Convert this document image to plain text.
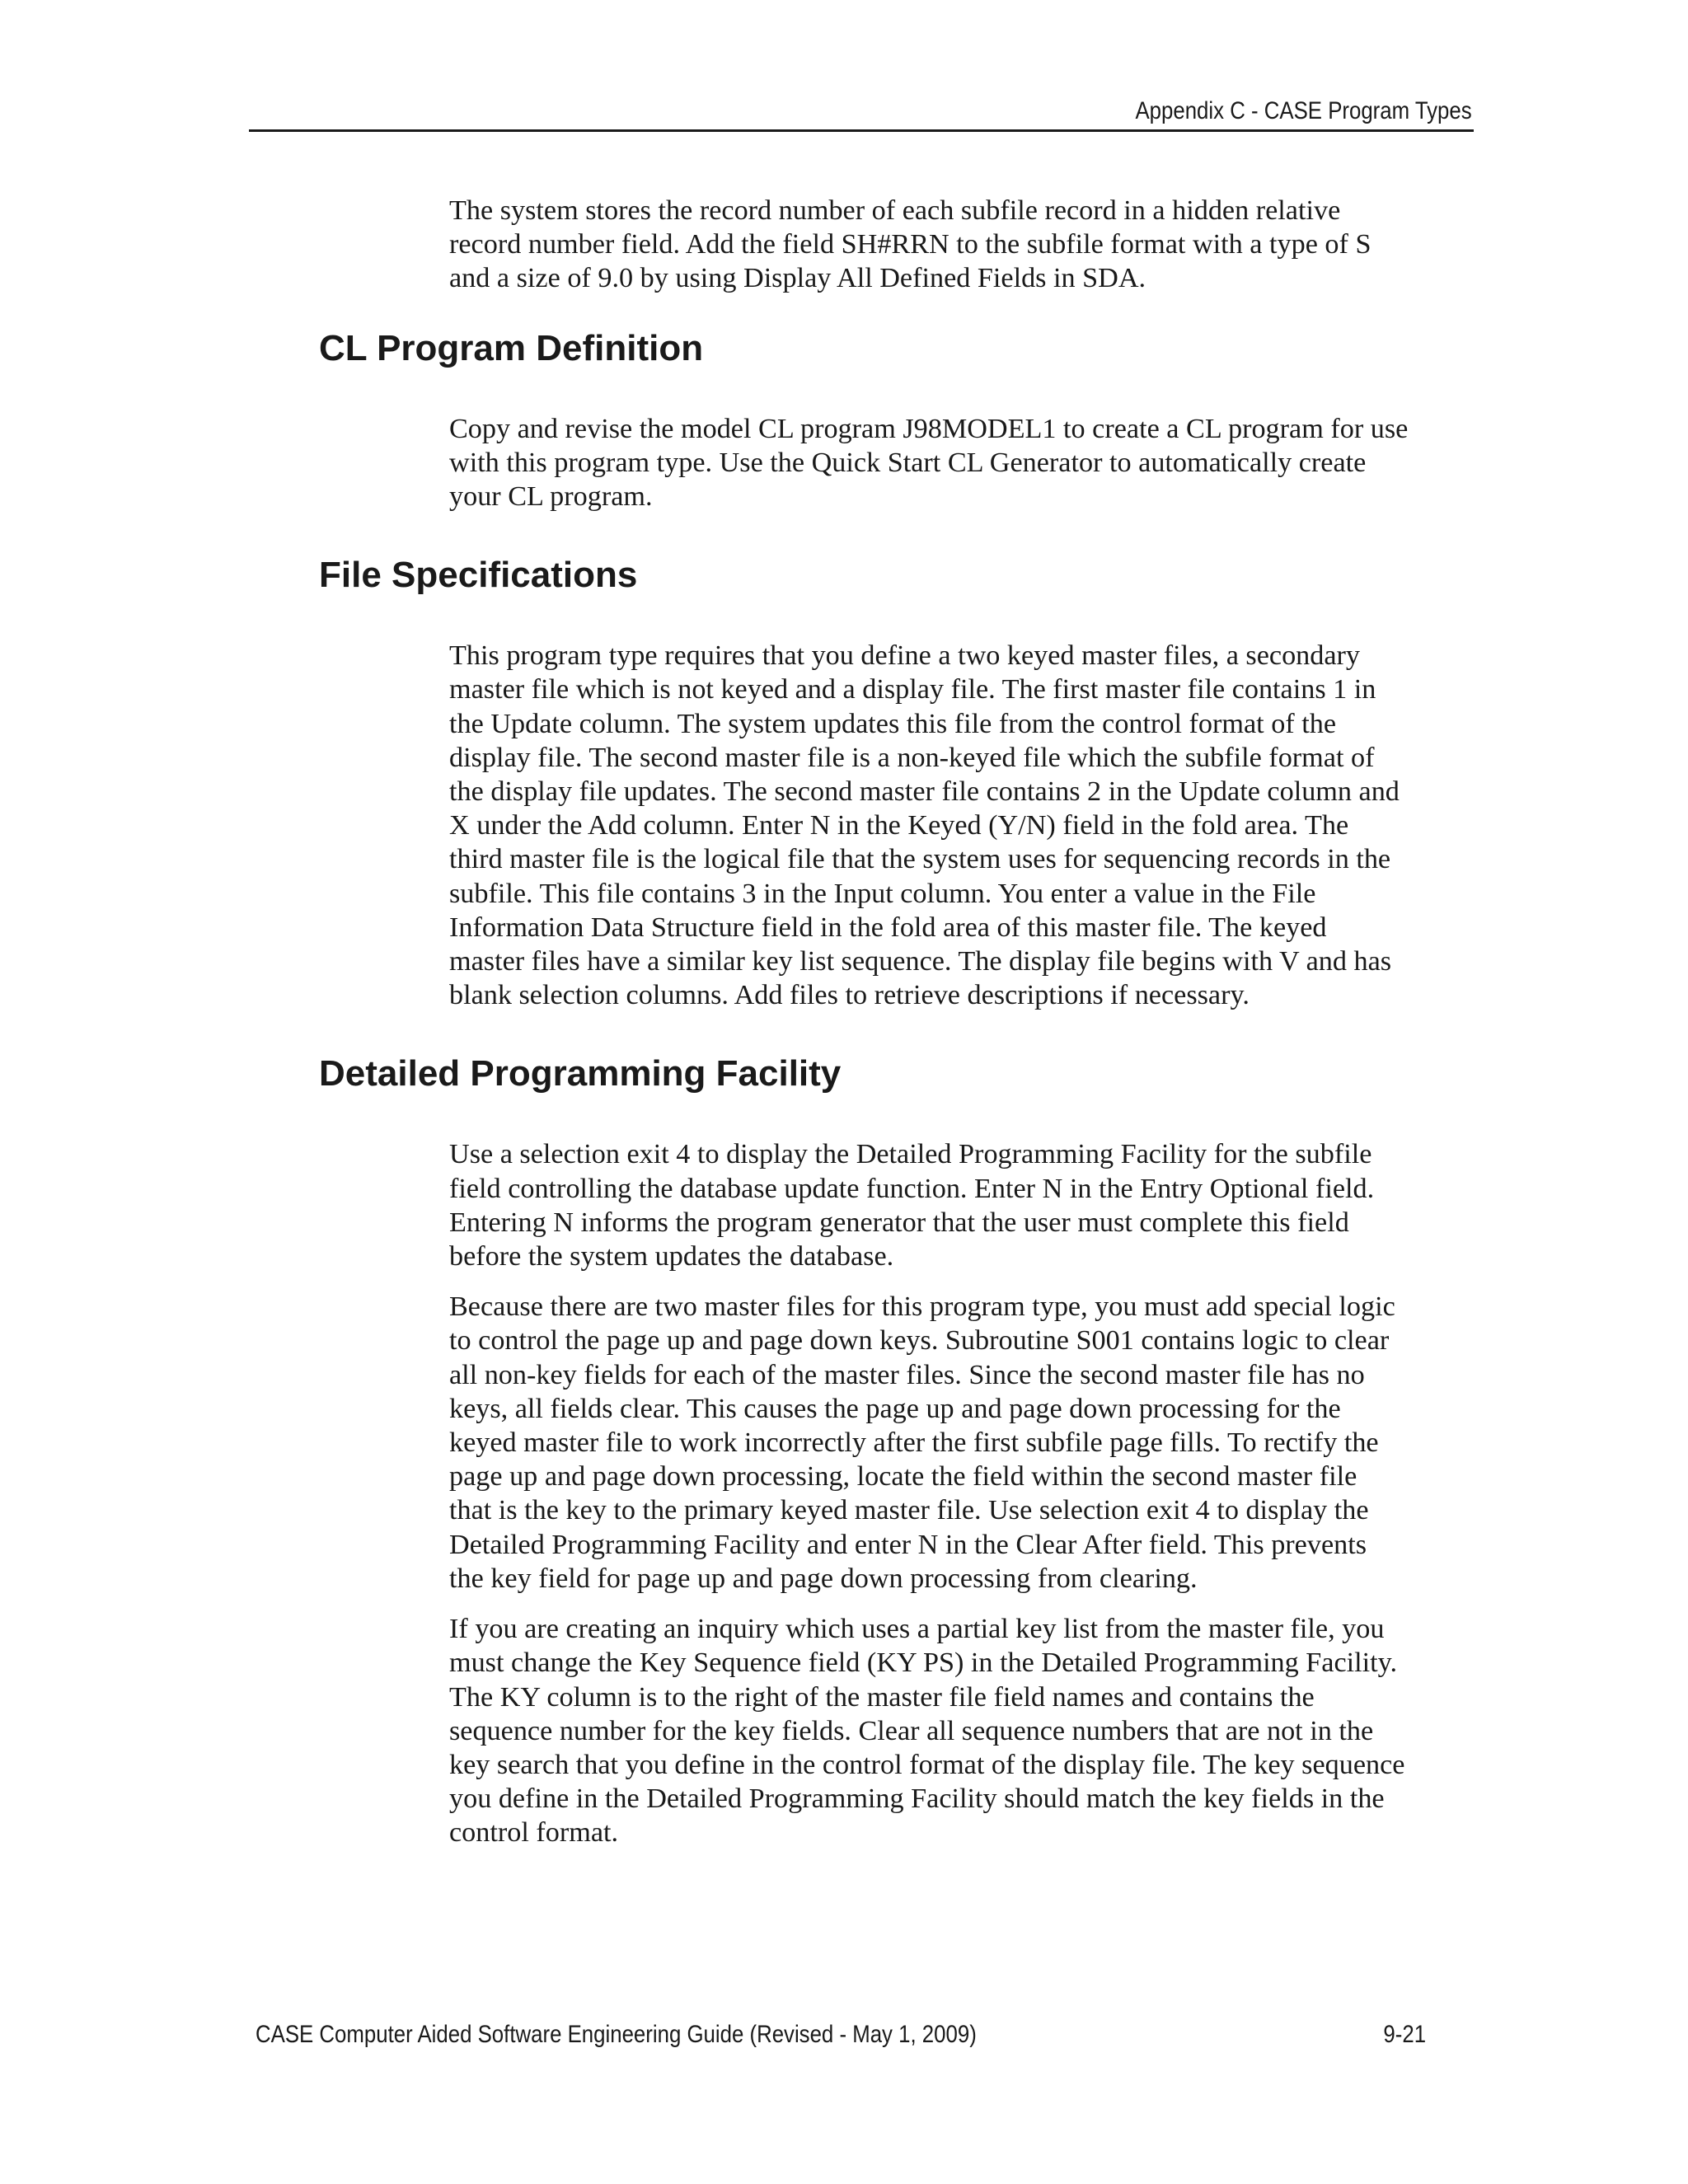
Appendix C - CASE Program Types

The system stores the record number of each subfile record in a hidden relative
record number field. Add the field SH#RRN to the subfile format with a type of S
and a size of 9.0 by using Display All Defined Fields in SDA.

CL Program Definition

Copy and revise the model CL program J98MODEL1 to create a CL program for use
with this program type. Use the Quick Start CL Generator to automatically create
your CL program.

File Specifications

This program type requires that you define a two keyed master files, a secondary
master file which is not keyed and a display file. The first master file contains 1 in
the Update column. The system updates this file from the control format of the
display file. The second master file is a non-keyed file which the subfile format of
the display file updates. The second master file contains 2 in the Update column and
X under the Add column. Enter N in the Keyed (Y/N) field in the fold area. The
third master file is the logical file that the system uses for sequencing records in the
subfile. This file contains 3 in the Input column. You enter a value in the File
Information Data Structure field in the fold area of this master file. The keyed
master files have a similar key list sequence. The display file begins with V and has
blank selection columns. Add files to retrieve descriptions if necessary.

Detailed Programming Facility

Use a selection exit 4 to display the Detailed Programming Facility for the subfile
field controlling the database update function. Enter N in the Entry Optional field.
Entering N informs the program generator that the user must complete this field
before the system updates the database.

Because there are two master files for this program type, you must add special logic
to control the page up and page down keys. Subroutine S001 contains logic to clear
all non-key fields for each of the master files. Since the second master file has no
keys, all fields clear. This causes the page up and page down processing for the
keyed master file to work incorrectly after the first subfile page fills. To rectify the
page up and page down processing, locate the field within the second master file
that is the key to the primary keyed master file. Use selection exit 4 to display the
Detailed Programming Facility and enter N in the Clear After field. This prevents
the key field for page up and page down processing from clearing.

If you are creating an inquiry which uses a partial key list from the master file, you
must change the Key Sequence field (KY PS) in the Detailed Programming Facility.
The KY column is to the right of the master file field names and contains the
sequence number for the key fields. Clear all sequence numbers that are not in the
key search that you define in the control format of the display file. The key sequence
you define in the Detailed Programming Facility should match the key fields in the
control format.

CASE Computer Aided Software Engineering Guide (Revised - May 1, 2009)	9-21
